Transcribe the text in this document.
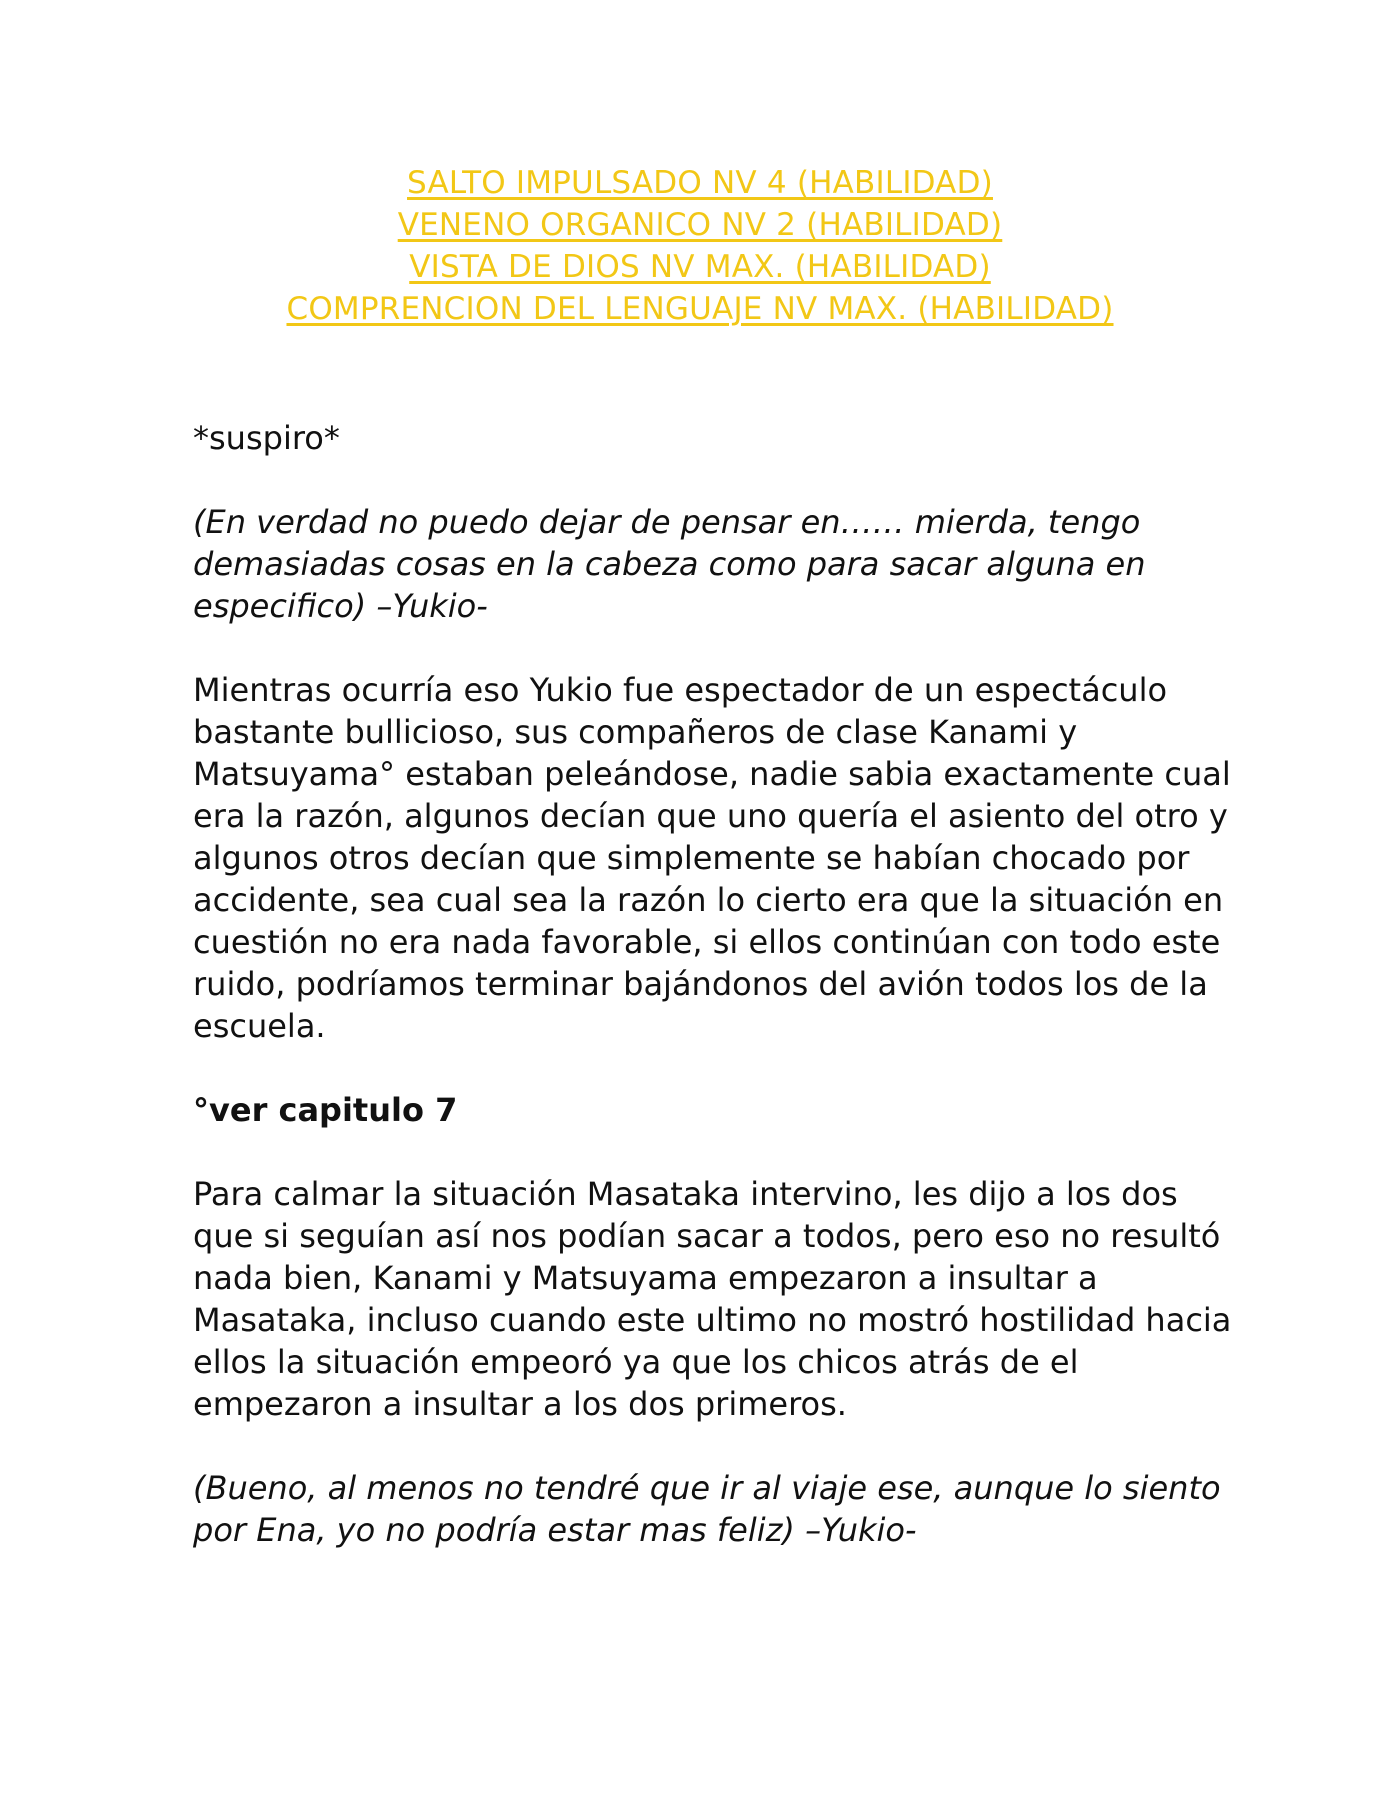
SALTO IMPULSADO NV 4 (HABILIDAD)
VENENO ORGANICO NV 2 (HABILIDAD)
VISTA DE DIOS NV MAX. (HABILIDAD)
COMPRENCION DEL LENGUAJE NV MAX. (HABILIDAD)

*suspiro*

(En verdad no puedo dejar de pensar en…… mierda, tengo demasiadas cosas en la cabeza como para sacar alguna en especifico) –Yukio-

Mientras ocurría eso Yukio fue espectador de un espectáculo bastante bullicioso, sus compañeros de clase Kanami y Matsuyama° estaban peleándose, nadie sabia exactamente cual era la razón, algunos decían que uno quería el asiento del otro y algunos otros decían que simplemente se habían chocado por accidente, sea cual sea la razón lo cierto era que la situación en cuestión no era nada favorable, si ellos continúan con todo este ruido, podríamos terminar bajándonos del avión todos los de la escuela.

°ver capitulo 7

Para calmar la situación Masataka intervino, les dijo a los dos que si seguían así nos podían sacar a todos, pero eso no resultó nada bien, Kanami y Matsuyama empezaron a insultar a Masataka, incluso cuando este ultimo no mostró hostilidad hacia ellos la situación empeoró ya que los chicos atrás de el empezaron a insultar a los dos primeros.

(Bueno, al menos no tendré que ir al viaje ese, aunque lo siento por Ena, yo no podría estar mas feliz) –Yukio-
